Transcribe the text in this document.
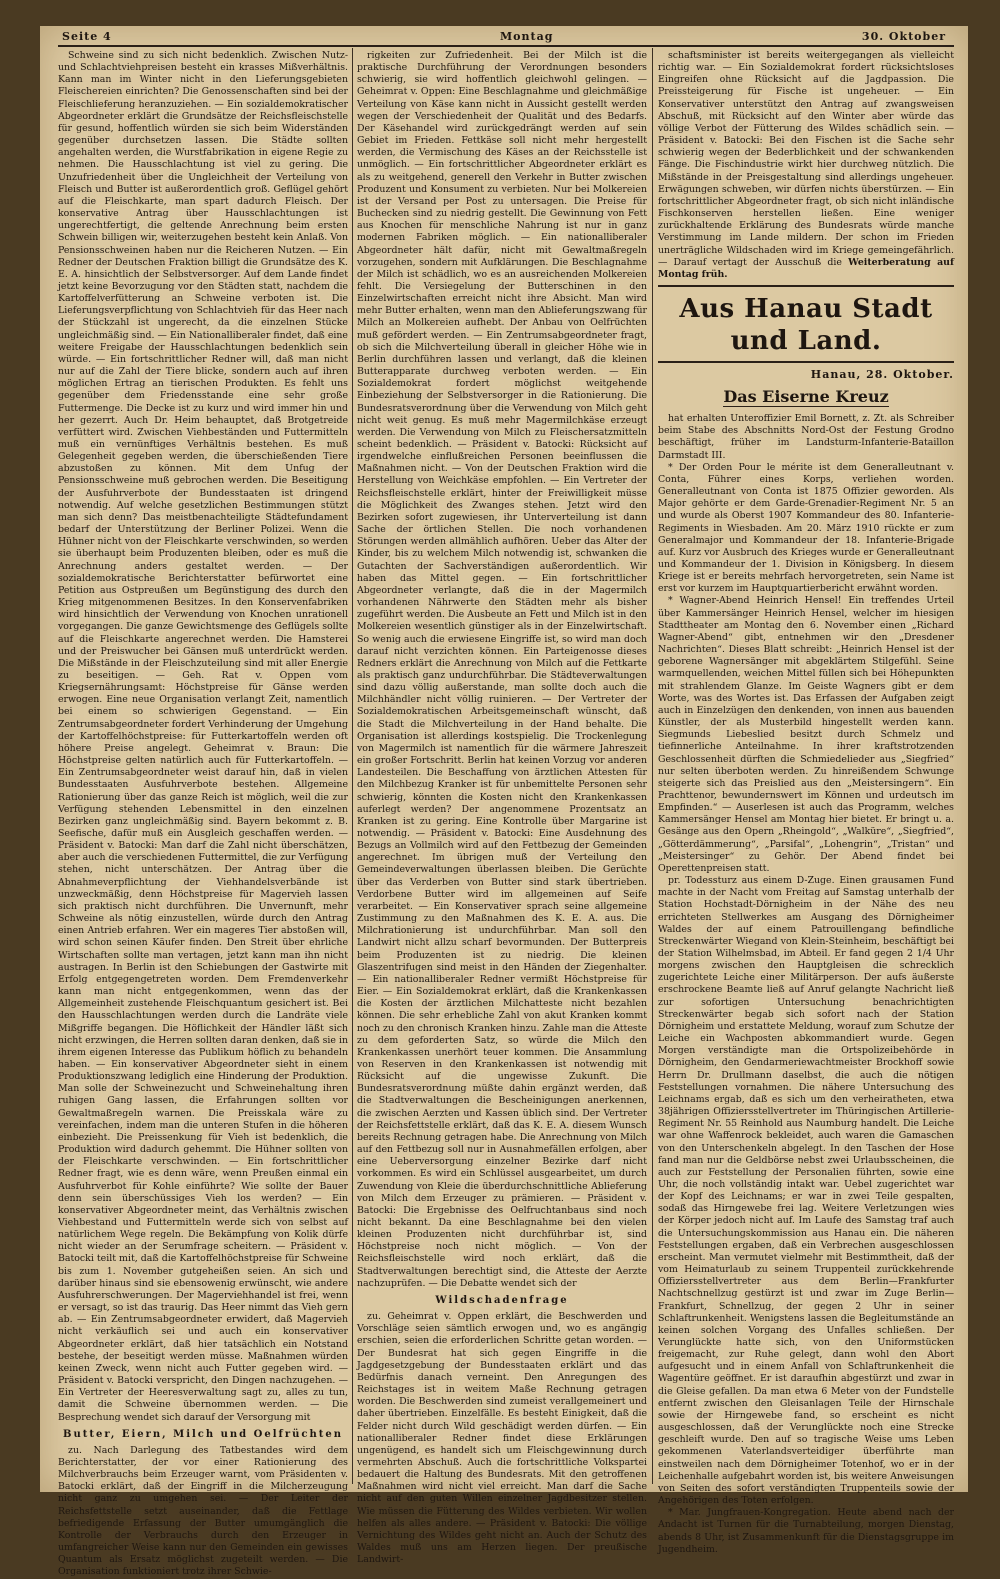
Seite 4	Montag	30. Oktober

Schweine sind zu sich nicht bedenklich. Zwischen Nutz- und Schlachtviehpreisen besteht ein krasses Mißverhältnis. Kann man im Winter nicht in den Lieferungsgebieten Fleischereien einrichten? Die Genossenschaften sind bei der Fleischlieferung heranzuziehen. — Ein sozialdemokratischer Abgeordneter erklärt die Grundsätze der Reichsfleischstelle für gesund, hoffentlich würden sie sich beim Widerständen gegenüber durchsetzen lassen. Die Städte sollten angehalten werden, die Wurstfabrikation in eigene Regie zu nehmen. Die Hausschlachtung ist viel zu gering. Die Unzufriedenheit über die Ungleichheit der Verteilung von Fleisch und Butter ist außerordentlich groß. Geflügel gehört auf die Fleischkarte, man spart dadurch Fleisch. Der konservative Antrag über Hausschlachtungen ist ungerechtfertigt, die geltende Anrechnung beim ersten Schwein billigen wir, weiterzugehen besteht kein Anlaß. Von Pensionsschweinen haben nur die Reicheren Nutzen. — Ein Redner der Deutschen Fraktion billigt die Grundsätze des K. E. A. hinsichtlich der Selbstversorger. Auf dem Lande findet jetzt keine Bevorzugung vor den Städten statt, nachdem die Kartoffelverfütterung an Schweine verboten ist. Die Lieferungsverpflichtung von Schlachtvieh für das Heer nach der Stückzahl ist ungerecht, da die einzelnen Stücke ungleichmäßig sind. — Ein Nationalliberaler findet, daß eine weitere Freigabe der Hausschlachtungen bedenklich sein würde. — Ein fortschrittlicher Redner will, daß man nicht nur auf die Zahl der Tiere blicke, sondern auch auf ihren möglichen Ertrag an tierischen Produkten. Es fehlt uns gegenüber dem Friedensstande eine sehr große Futtermenge. Die Decke ist zu kurz und wird immer hin und her gezerrt. Auch Dr. Heim behauptet, daß Brotgetreide verfüttert wird. Zwischen Viehbeständen und Futtermitteln muß ein vernünftiges Verhältnis bestehen. Es muß Gelegenheit gegeben werden, die überschießenden Tiere abzustoßen zu können. Mit dem Unfug der Pensionsschweine muß gebrochen werden. Die Beseitigung der Ausfuhrverbote der Bundesstaaten ist dringend notwendig. Auf welche gesetzlichen Bestimmungen stützt man sich denn? Das meistbenachteiligte Städtefundament bedarf der Unterstützung der Berliner Polizei. Wenn die Hühner nicht von der Fleischkarte verschwinden, so werden sie überhaupt beim Produzenten bleiben, oder es muß die Anrechnung anders gestaltet werden. — Der sozialdemokratische Berichterstatter befürwortet eine Petition aus Ostpreußen um Begünstigung des durch den Krieg mitgenommenen Besitzes. In den Konservenfabriken wird hinsichtlich der Verwendung von Knochen unrationell vorgegangen. Die ganze Gewichtsmenge des Geflügels sollte auf die Fleischkarte angerechnet werden. Die Hamsterei und der Preiswucher bei Gänsen muß unterdrückt werden. Die Mißstände in der Fleischzuteilung sind mit aller Energie zu beseitigen. — Geh. Rat v. Oppen vom Kriegsernährungsamt: Höchstpreise für Gänse werden erwogen. Eine neue Organisation verlangt Zeit, namentlich bei einem so schwierigen Gegenstand. — Ein Zentrumsabgeordneter fordert Verhinderung der Umgehung der Kartoffelhöchstpreise: für Futterkartoffeln werden oft höhere Preise angelegt. Geheimrat v. Braun: Die Höchstpreise gelten natürlich auch für Futterkartoffeln. — Ein Zentrumsabgeordneter weist darauf hin, daß in vielen Bundesstaaten Ausfuhrverbote bestehen. Allgemeine Rationierung über das ganze Reich ist möglich, weil die zur Verfügung stehenden Lebensmittel in den einzelnen Bezirken ganz ungleichmäßig sind. Bayern bekommt z. B. Seefische, dafür muß ein Ausgleich geschaffen werden. — Präsident v. Batocki: Man darf die Zahl nicht überschätzen, aber auch die verschiedenen Futtermittel, die zur Verfügung stehen, nicht unterschätzen. Der Antrag über die Abnahmeverpflichtung der Viehhandelsverbände ist unzweckmäßig, denn Höchstpreise für Magervieh lassen sich praktisch nicht durchführen. Die Unvernunft, mehr Schweine als nötig einzustellen, würde durch den Antrag einen Antrieb erfahren. Wer ein mageres Tier abstoßen will, wird schon seinen Käufer finden. Den Streit über ehrliche Wirtschaften sollte man vertagen, jetzt kann man ihn nicht austragen. In Berlin ist den Schiebungen der Gastwirte mit Erfolg entgegengetreten worden. Dem Fremdenverkehr kann man nicht entgegenkommen, wenn das der Allgemeinheit zustehende Fleischquantum gesichert ist. Bei den Hausschlachtungen werden durch die Landräte viele Mißgriffe begangen. Die Höflichkeit der Händler läßt sich nicht erzwingen, die Herren sollten daran denken, daß sie in ihrem eigenen Interesse das Publikum höflich zu behandeln haben. — Ein konservativer Abgeordneter sieht in einem Produktionszwang lediglich eine Hinderung der Produktion. Man solle der Schweinezucht und Schweinehaltung ihren ruhigen Gang lassen, die Erfahrungen sollten vor Gewaltmaßregeln warnen. Die Preisskala wäre zu vereinfachen, indem man die unteren Stufen in die höheren einbezieht. Die Preissenkung für Vieh ist bedenklich, die Produktion wird dadurch gehemmt. Die Hühner sollten von der Fleischkarte verschwinden. — Ein fortschrittlicher Redner fragt, wie es denn wäre, wenn Preußen einmal ein Ausfuhrverbot für Kohle einführte? Wie sollte der Bauer denn sein überschüssiges Vieh los werden? — Ein konservativer Abgeordneter meint, das Verhältnis zwischen Viehbestand und Futtermitteln werde sich von selbst auf natürlichem Wege regeln. Die Bekämpfung von Kolik dürfe nicht wieder an der Serumfrage scheitern. — Präsident v. Batocki teilt mit, daß die Kartoffelhöchstpreise für Schweine bis zum 1. November gutgeheißen seien. An sich und darüber hinaus sind sie ebensowenig erwünscht, wie andere Ausfuhrerschwerungen. Der Magerviehhandel ist frei, wenn er versagt, so ist das traurig. Das Heer nimmt das Vieh gern ab. — Ein Zentrumsabgeordneter erwidert, daß Magervieh nicht verkäuflich sei und auch ein konservativer Abgeordneter erklärt, daß hier tatsächlich ein Notstand bestehe, der beseitigt werden müsse. Maßnahmen würden keinen Zweck, wenn nicht auch Futter gegeben wird. — Präsident v. Batocki verspricht, den Dingen nachzugehen. — Ein Vertreter der Heeresverwaltung sagt zu, alles zu tun, damit die Schweine übernommen werden. — Die Besprechung wendet sich darauf der Versorgung mit

Butter, Eiern, Milch und Oelfrüchten

zu. Nach Darlegung des Tatbestandes wird dem Berichterstatter, der vor einer Rationierung des Milchverbrauchs beim Erzeuger warnt, vom Präsidenten v. Batocki erklärt, daß der Eingriff in die Milcherzeugung nicht ganz zu umgehen sei. — Der Leiter der Reichsfettstelle setzt auseinander, daß die Fettlage befriedigende Erfassung der Butter umumgänglich die Kontrolle der Verbrauchs durch den Erzeuger in umfangreicher Weise kann nur den Gemeinden ein gewisses Quantum als Ersatz möglichst zugeteilt werden. — Die Organisation funktioniert trotz ihrer Schwie-

rigkeiten zur Zufriedenheit. Bei der Milch ist die praktische Durchführung der Verordnungen besonders schwierig, sie wird hoffentlich gleichwohl gelingen. — Geheimrat v. Oppen: Eine Beschlagnahme und gleichmäßige Verteilung von Käse kann nicht in Aussicht gestellt werden wegen der Verschiedenheit der Qualität und des Bedarfs. Der Käsehandel wird zurückgedrängt werden auf sein Gebiet im Frieden. Fettkäse soll nicht mehr hergestellt werden, die Vermischung des Käses an der Reichsstelle ist unmöglich. — Ein fortschrittlicher Abgeordneter erklärt es als zu weitgehend, generell den Verkehr in Butter zwischen Produzent und Konsument zu verbieten. Nur bei Molkereien ist der Versand per Post zu untersagen. Die Preise für Buchecken sind zu niedrig gestellt. Die Gewinnung von Fett aus Knochen für menschliche Nahrung ist nur in ganz modernen Fabriken möglich. — Ein nationalliberaler Abgeordneter hält dafür, nicht mit Gewaltmaßregeln vorzugehen, sondern mit Aufklärungen. Die Beschlagnahme der Milch ist schädlich, wo es an ausreichenden Molkereien fehlt. Die Versiegelung der Butterschinen in den Einzelwirtschaften erreicht nicht ihre Absicht. Man wird mehr Butter erhalten, wenn man den Ablieferungszwang für Milch an Molkereien aufhebt. Der Anbau von Oelfrüchten muß gefördert werden. — Ein Zentrumsabgeordneter fragt, ob sich die Milchverteilung überall in gleicher Höhe wie in Berlin durchführen lassen und verlangt, daß die kleinen Butterapparate durchweg verboten werden. — Ein Sozialdemokrat fordert möglichst weitgehende Einbeziehung der Selbstversorger in die Rationierung. Die Bundesratsverordnung über die Verwendung von Milch geht nicht weit genug. Es muß mehr Magermilchkäse erzeugt werden. Die Verwendung von Milch zu Fleischersatzmitteln scheint bedenklich. — Präsident v. Batocki: Rücksicht auf irgendwelche einflußreichen Personen beeinflussen die Maßnahmen nicht. — Von der Deutschen Fraktion wird die Herstellung von Weichkäse empfohlen. — Ein Vertreter der Reichsfleischstelle erklärt, hinter der Freiwilligkeit müsse die Möglichkeit des Zwanges stehen. Jetzt wird den Bezirken sofort zugewiesen, ihr Unterverteilung ist dann Sache der örtlichen Stellen. Die noch vorhandenen Störungen werden allmählich aufhören. Ueber das Alter der Kinder, bis zu welchem Milch notwendig ist, schwanken die Gutachten der Sachverständigen außerordentlich. Wir haben das Mittel gegen. — Ein fortschrittlicher Abgeordneter verlangte, daß die in der Magermilch vorhandenen Nährwerte den Städten mehr als bisher zugeführt werden. Die Ausbeute an Fett und Milch ist in den Molkereien wesentlich günstiger als in der Einzelwirtschaft. So wenig auch die erwiesene Eingriffe ist, so wird man doch darauf nicht verzichten können. Ein Parteigenosse dieses Redners erklärt die Anrechnung von Milch auf die Fettkarte als praktisch ganz undurchführbar. Die Städteverwaltungen sind dazu völlig außerstande, man sollte doch auch die Milchhändler nicht völlig ruinieren. — Der Vertreter der Sozialdemokratischen Arbeitsgemeinschaft wünscht, daß die Stadt die Milchverteilung in der Hand behalte. Die Organisation ist allerdings kostspielig. Die Trockenlegung von Magermilch ist namentlich für die wärmere Jahreszeit ein großer Fortschritt. Berlin hat keinen Vorzug vor anderen Landesteilen. Die Beschaffung von ärztlichen Attesten für den Milchbezug Kranker ist für unbemittelte Personen sehr schwierig, könnten die Kosten nicht den Krankenkassen auferlegt werden? Der angenommene Prozentsatz an Kranken ist zu gering. Eine Kontrolle über Margarine ist notwendig. — Präsident v. Batocki: Eine Ausdehnung des Bezugs an Vollmilch wird auf den Fettbezug der Gemeinden angerechnet. Im übrigen muß der Verteilung den Gemeindeverwaltungen überlassen bleiben. Die Gerüchte über das Verderben von Butter sind stark übertrieben. Verdorbene Butter wird im allgemeinen auf Seife verarbeitet. — Ein Konservativer sprach seine allgemeine Zustimmung zu den Maßnahmen des K. E. A. aus. Die Milchrationierung ist undurchführbar. Man soll den Landwirt nicht allzu scharf bevormunden. Der Butterpreis beim Produzenten ist zu niedrig. Die kleinen Glaszentrifugen sind meist in den Händen der Ziegenhalter. — Ein nationalliberaler Redner vermißt Höchstpreise für Eier. — Ein Sozialdemokrat erklärt, daß die Krankenkassen die Kosten der ärztlichen Milchatteste nicht bezahlen können. Die sehr erhebliche Zahl von akut Kranken kommt noch zu den chronisch Kranken hinzu. Zahle man die Atteste zu dem geforderten Satz, so würde die Milch den Krankenkassen unerhört teuer kommen. Die Ansammlung von Reserven in den Krankenkassen ist notwendig mit Rücksicht auf die ungewisse Zukunft. Die Bundesratsverordnung müßte dahin ergänzt werden, daß die Stadtverwaltungen die Bescheinigungen anerkennen, die zwischen Aerzten und Kassen üblich sind. Der Vertreter der Reichsfettstelle erklärt, daß das K. E. A. diesem Wunsch bereits Rechnung getragen habe. Die Anrechnung von Milch auf den Fettbezug soll nur in Ausnahmefällen erfolgen, aber eine Ueberversorgung einzelner Bezirke darf nicht vorkommen. Es wird ein Schlüssel ausgearbeitet, um durch Zuwendung von Kleie die überdurchschnittliche Ablieferung von Milch dem Erzeuger zu prämieren. — Präsident v. Batocki: Die Ergebnisse des Oelfruchtanbaus sind noch nicht bekannt. Da eine Beschlagnahme bei den vielen kleinen Produzenten nicht durchführbar ist, sind Höchstpreise noch nicht möglich. — Von der Reichsfleischstelle wird noch erklärt, daß die Stadtverwaltungen berechtigt sind, die Atteste der Aerzte nachzuprüfen. — Die Debatte wendet sich der

Wildschadenfrage

zu. Geheimrat v. Oppen erklärt, die Beschwerden und Vorschläge seien sämtlich erwogen und, wo es angängig erschien, seien die erforderlichen Schritte getan worden. — Der Bundesrat hat sich gegen Eingriffe in die Jagdgesetzgebung der Bundesstaaten erklärt und das Bedürfnis danach verneint. Den Anregungen des Reichstages ist in weitem Maße Rechnung getragen worden. Die Beschwerden sind zumeist verallgemeinert und daher übertrieben. Einzelfälle. Es besteht Einigkeit, daß die Felder nicht durch Wild geschädigt werden dürfen. — Ein nationalliberaler Redner findet diese Erklärungen ungenügend, es handelt sich um Fleischgewinnung durch vermehrten Abschuß. Auch die fortschrittliche Volkspartei bedauert die Haltung des Bundesrats. Mit den getroffenen Maßnahmen wird nicht viel erreicht. Man darf die Sache nicht auf den guten Willen einzelner Jagdbesitzer stellen. Wie müssen die Fütterung des Wildes verbieten. Wir wollen helfen als alles andere. — Präsident v. Batocki: Die völlige Vernichtung des Wildes geht nicht an. Auch der Schutz des Waldes muß uns am Herzen liegen. Der preußische Landwirt-

schaftsminister ist bereits weitergegangen als vielleicht richtig war. — Ein Sozialdemokrat fordert rücksichtsloses Eingreifen ohne Rücksicht auf die Jagdpassion. Die Preissteigerung für Fische ist ungeheuer. — Ein Konservativer unterstützt den Antrag auf zwangsweisen Abschuß, mit Rücksicht auf den Winter aber würde das völlige Verbot der Fütterung des Wildes schädlich sein. — Präsident v. Batocki: Bei den Fischen ist die Sache sehr schwierig wegen der Bederblichkeit und der schwankenden Fänge. Die Fischindustrie wirkt hier durchweg nützlich. Die Mißstände in der Preisgestaltung sind allerdings ungeheuer. Erwägungen schweben, wir dürfen nichts überstürzen. — Ein fortschrittlicher Abgeordneter fragt, ob sich nicht inländische Fischkonserven herstellen ließen. Eine weniger zurückhaltende Erklärung des Bundesrats würde manche Verstimmung im Lande mildern. Der schon im Frieden unerträgliche Wildschaden wird im Kriege gemeingefährlich. — Darauf vertagt der Ausschuß die Weiterberatung auf Montag früh.

Aus Hanau Stadt und Land.
Hanau, 28. Oktober.
Das Eiserne Kreuz

hat erhalten Unteroffizier Emil Bornett, z. Zt. als Schreiber beim Stabe des Abschnitts Nord-Ost der Festung Grodno beschäftigt, früher im Landsturm-Infanterie-Bataillon Darmstadt III.

* Der Orden Pour le mérite ist dem Generalleutnant v. Conta, Führer eines Korps, verliehen worden. Generalleutnant von Conta ist 1875 Offizier geworden. Als Major gehörte er dem Garde-Grenadier-Regiment Nr. 5 an und wurde als Oberst 1907 Kommandeur des 80. Infanterie-Regiments in Wiesbaden. Am 20. März 1910 rückte er zum Generalmajor und Kommandeur der 18. Infanterie-Brigade auf. Kurz vor Ausbruch des Krieges wurde er Generalleutnant und Kommandeur der 1. Division in Königsberg. In diesem Kriege ist er bereits mehrfach hervorgetreten, sein Name ist erst vor kurzem im Hauptquartierbericht erwähnt worden.

* Wagner-Abend Heinrich Hensel! Ein treffendes Urteil über Kammersänger Heinrich Hensel, welcher im hiesigen Stadttheater am Montag den 6. November einen „Richard Wagner-Abend“ gibt, entnehmen wir den „Dresdener Nachrichten“. Dieses Blatt schreibt: „Heinrich Hensel ist der geborene Wagnersänger mit abgeklärtem Stilgefühl. Seine warmquellenden, weichen Mittel füllen sich bei Höhepunkten mit strahlendem Glanze. Im Geiste Wagners gibt er dem Worte, was des Wortes ist. Das Erfassen der Aufgaben zeigt auch in Einzelzügen den denkenden, von innen aus bauenden Künstler, der als Musterbild hingestellt werden kann. Siegmunds Liebeslied besitzt durch Schmelz und tiefinnerliche Anteilnahme. In ihrer kraftstrotzenden Geschlossenheit dürften die Schmiedelieder aus „Siegfried“ nur selten überboten werden. Zu hinreißendem Schwunge steigerte sich das Preislied aus den „Meistersingern“. Ein Prachttenor, bewundernswert im Können und urdeutsch im Empfinden.“ — Auserlesen ist auch das Programm, welches Kammersänger Hensel am Montag hier bietet. Er bringt u. a. Gesänge aus den Opern „Rheingold“, „Walküre“, „Siegfried“, „Götterdämmerung“, „Parsifal“, „Lohengrin“, „Tristan“ und „Meistersinger“ zu Gehör. Der Abend findet bei Operettenpreisen statt.

pr. Todessturz aus einem D-Zuge. Einen grausamen Fund machte in der Nacht vom Freitag auf Samstag unterhalb der Station Hochstadt-Dörnigheim in der Nähe des neu errichteten Stellwerkes am Ausgang des Dörnigheimer Waldes der auf einem Patrouillengang befindliche Streckenwärter Wiegand von Klein-Steinheim, beschäftigt bei der Station Wilhelmsbad, im Abteil. Er fand gegen 2 1/4 Uhr morgens zwischen den Hauptgleisen die schrecklich zugerichtete Leiche einer Militärperson. Der aufs äußerste erschrockene Beamte ließ auf Anruf gelangte Nachricht ließ zur sofortigen Untersuchung benachrichtigten Streckenwärter begab sich sofort nach der Station Dörnigheim und erstattete Meldung, worauf zum Schutze der Leiche ein Wachposten abkommandiert wurde. Gegen Morgen verständigte man die Ortspolizeibehörde in Dörnigheim, den Gendarmeriewachtmeister Brockhoff sowie Herrn Dr. Drullmann daselbst, die auch die nötigen Feststellungen vornahmen. Die nähere Untersuchung des Leichnams ergab, daß es sich um den verheiratheten, etwa 38jährigen Offiziersstellvertreter im Thüringischen Artillerie-Regiment Nr. 55 Reinhold aus Naumburg handelt. Die Leiche war ohne Waffenrock bekleidet, auch waren die Gamaschen von den Unterschenkeln abgelegt. In den Taschen der Hose fand man nur die Geldbörse nebst zwei Urlaubsscheinen, die auch zur Feststellung der Personalien führten, sowie eine Uhr, die noch vollständig intakt war. Uebel zugerichtet war der Kopf des Leichnams; er war in zwei Teile gespalten, sodaß das Hirngewebe frei lag. Weitere Verletzungen wies der Körper jedoch nicht auf. Im Laufe des Samstag traf auch die Untersuchungskommission aus Hanau ein. Die näheren Feststellungen ergaben, daß ein Verbrechen ausgeschlossen erscheint. Man vermutet vielmehr mit Bestimmtheit, daß der vom Heimaturlaub zu seinem Truppenteil zurückkehrende Offiziersstellvertreter aus dem Berlin—Frankfurter Nachtschnellzug gestürzt ist und zwar im Zuge Berlin—Frankfurt, Schnellzug, der gegen 2 Uhr in seiner Schlaftrunkenheit. Wenigstens lassen die Begleitumstände an keinen solchen Vorgang des Unfalles schließen. Der Verunglückte hatte sich, von den Uniformstücken freigemacht, zur Ruhe gelegt, dann wohl den Abort aufgesucht und in einem Anfall von Schlaftrunkenheit die Wagentüre geöffnet. Er ist daraufhin abgestürzt und zwar in die Gleise gefallen. Da man etwa 6 Meter von der Fundstelle entfernt zwischen den Gleisanlagen Teile der Hirnschale sowie der Hirngewebe fand, so erscheint es nicht ausgeschlossen, daß der Verunglückte noch eine Strecke geschleift wurde. Den auf so tragische Weise ums Leben gekommenen Vaterlandsverteidiger überführte man einstweilen nach dem Dörnigheimer Totenhof, wo er in der Leichenhalle aufgebahrt worden ist, bis weitere Anweisungen von Seiten des sofort verständigten Truppenteils sowie der Angehörigen des Toten erfolgen.

* Mar. Jungfrauen-Kongregation. Heute abend nach der Andacht ist Turnen für die Turnabteilung, morgen Dienstag, abends 8 Uhr, ist Zusammenkunft für die Dienstagsgruppe im Jugendheim.
